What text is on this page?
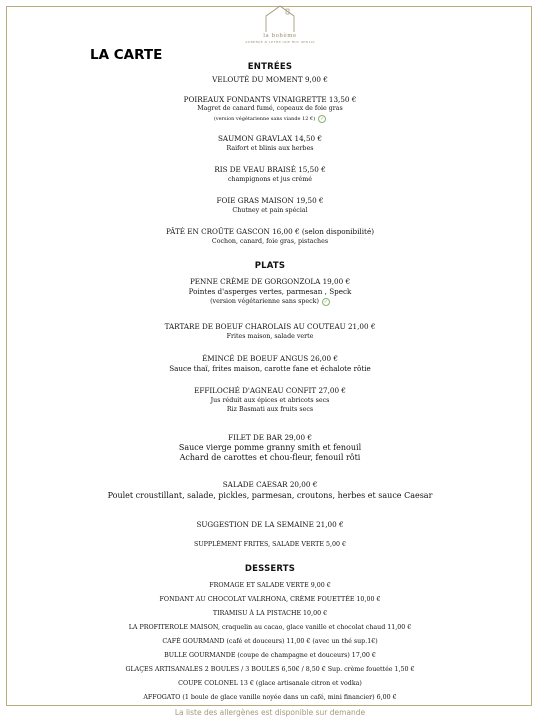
la bohème
AUBERGE & LETHE ODE RUC SENLIS
LA CARTE
ENTRÉES
VELOUTÉ DU MOMENT 9,00 €
POIREAUX FONDANTS VINAIGRETTE 13,50 €
Magret de canard fumé, copeaux de foie gras
(version végétarienne sans viande 12 €) ✓
SAUMON GRAVLAX 14,50 €
Raifort et blinis aux herbes
RIS DE VEAU BRAISÉ 15,50 €
champignons et jus crémé
FOIE GRAS MAISON 19,50 €
Chutney et pain spécial
PÂTÉ EN CROÛTE GASCON 16,00 € (selon disponibilité)
Cochon, canard, foie gras, pistaches
PLATS
PENNE CRÈME DE GORGONZOLA 19,00 €
Pointes d'asperges vertes, parmesan , Speck
(version végétarienne sans speck) ✓
TARTARE DE BOEUF CHAROLAIS AU COUTEAU 21,00 €
Frites maison, salade verte
ÉMINCÉ DE BOEUF ANGUS 26,00 €
Sauce thaï, frites maison, carotte fane et échalote rôtie
EFFILOCHÉ D'AGNEAU CONFIT 27,00 €
Jus réduit aux épices et abricots secs
Riz Basmati aux fruits secs
FILET DE BAR 29,00 €
Sauce vierge pomme granny smith et fenouil
Achard de carottes et chou-fleur, fenouil rôti
SALADE CAESAR 20,00 €
Poulet croustillant, salade, pickles, parmesan, croutons, herbes et sauce Caesar
SUGGESTION DE LA SEMAINE 21,00 €
SUPPLÉMENT FRITES, SALADE VERTE 5,00 €
DESSERTS
FROMAGE ET SALADE VERTE 9,00 €
FONDANT AU CHOCOLAT VALRHONA, CRÈME FOUETTÉE 10,00 €
TIRAMISU À LA PISTACHE 10,00 €
LA PROFITEROLE MAISON, craquelin au cacao, glace vanille et chocolat chaud 11,00 €
CAFÉ GOURMAND (café et douceurs) 11,00 € (avec un thé sup.1€)
BULLE GOURMANDE (coupe de champagne et douceurs) 17,00 €
GLAÇES ARTISANALES 2 BOULES / 3 BOULES 6,50€ / 8,50 € Sup. crème fouettée 1,50 €
COUPE COLONEL 13 € (glace artisanale citron et vodka)
AFFOGATO (1 boule de glace vanille noyée dans un café, mini financier) 6,00 €
La liste des allergènes est disponible sur demande
